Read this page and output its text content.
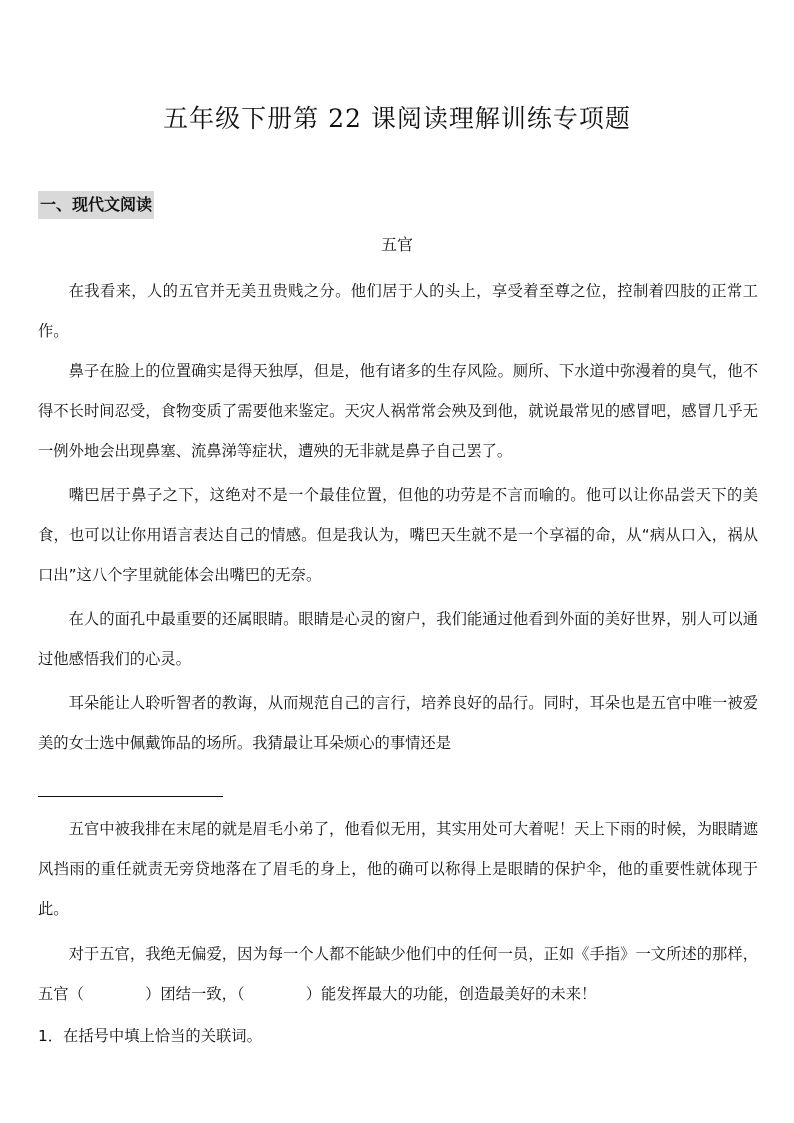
五年级下册第 22 课阅读理解训练专项题
一、现代文阅读
五官

在我看来，人的五官并无美丑贵贱之分。他们居于人的头上，享受着至尊之位，控制着四肢的正常工作。

鼻子在脸上的位置确实是得天独厚，但是，他有诸多的生存风险。厕所、下水道中弥漫着的臭气，他不得不长时间忍受，食物变质了需要他来鉴定。天灾人祸常常会殃及到他，就说最常见的感冒吧，感冒几乎无一例外地会出现鼻塞、流鼻涕等症状，遭殃的无非就是鼻子自己罢了。

嘴巴居于鼻子之下，这绝对不是一个最佳位置，但他的功劳是不言而喻的。他可以让你品尝天下的美食，也可以让你用语言表达自己的情感。但是我认为，嘴巴天生就不是一个享福的命，从“病从口入，祸从口出”这八个字里就能体会出嘴巴的无奈。

在人的面孔中最重要的还属眼睛。眼睛是心灵的窗户，我们能通过他看到外面的美好世界，别人可以通过他感悟我们的心灵。

耳朵能让人聆听智者的教诲，从而规范自己的言行，培养良好的品行。同时，耳朵也是五官中唯一被爱美的女士选中佩戴饰品的场所。我猜最让耳朵烦心的事情还是

五官中被我排在末尾的就是眉毛小弟了，他看似无用，其实用处可大着呢！天上下雨的时候，为眼睛遮风挡雨的重任就责无旁贷地落在了眉毛的身上，他的确可以称得上是眼睛的保护伞，他的重要性就体现于此。

对于五官，我绝无偏爱，因为每一个人都不能缺少他们中的任何一员，正如《手指》一文所述的那样，五官（　　　　）团结一致，（　　　　）能发挥最大的功能，创造最美好的未来！

1．在括号中填上恰当的关联词。
